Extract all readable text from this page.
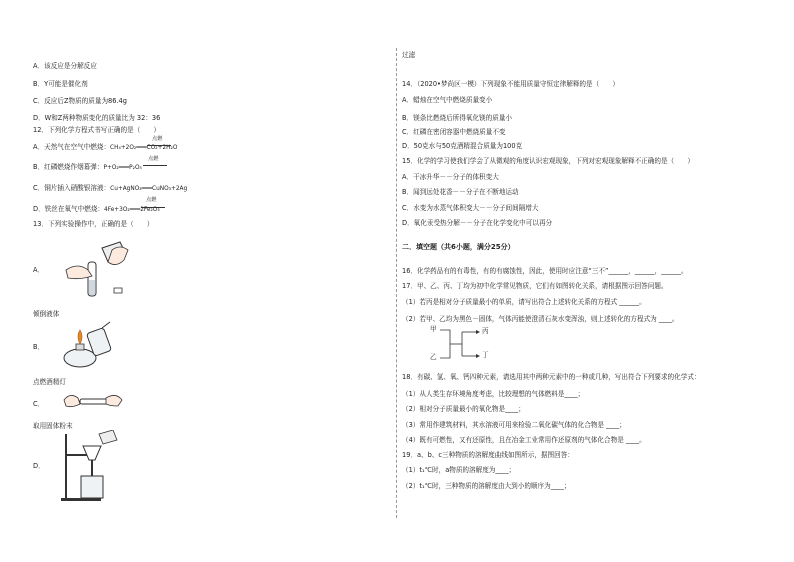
A．该反应是分解反应
B．Y可能是催化剂
C．反应后Z物质的质量为86.4g
D．W和Z两种物质变化的质量比为 32：36
12．下列化学方程式书写正确的是（　　）
A．天然气在空气中燃烧：CH₄+2O₂═══CO₂+2H₂O
点燃
B．红磷燃烧作烟幕弹：P+O₂═══P₂O₅
点燃
C．铜片插入硝酸银溶液：Cu+AgNO₃═══CuNO₃+2Ag
D．铁丝在氧气中燃烧：4Fe+3O₂═══2Fe₂O₃
点燃
13．下列实验操作中，正确的是（　　）
A．
倾倒液体
B．
点燃酒精灯
C．
取用固体粉末
D．
过滤
14．（2020•梦尚区一模）下列现象不能用质量守恒定律解释的是（　　）
A．蜡烛在空气中燃烧质量变小
B．镁条比燃烧后所得氧化镁的质量小
C．红磷在密闭容器中燃烧质量不变
D．50克水与50克酒精混合质量为100克
15．化学的学习使我们学会了从微观的角度认识宏观现象，下列对宏观现象解释不正确的是（　　）
A．干冰升华－－分子的体积变大
B．闻到远处花香－－分子在不断地运动
C．水变为水蒸气体积变大－－分子间间隔增大
D．氧化汞受热分解－－分子在化学变化中可以再分
二．填空题（共6小题，满分25分）
16．化学药品有的有毒性，有的有腐蚀性，因此，使用时应注意“三不”______，______，______。
17．甲、乙、丙、丁均为初中化学常见物质，它们有如图转化关系，请根据图示回答问题。
（1）若丙是相对分子质量最小的单质，请写出符合上述转化关系的方程式 ______。
（2）若甲、乙均为黑色－固体，气体丙能使澄清石灰水变浑浊，则上述转化的方程式为 ____。
甲
乙
丙
丁
18．有碳、氢、氧、钙四种元素，请选用其中两种元素中的一种或几种，写出符合下列要求的化学式：
（1）从人类生存环境角度考虑，比较理想的气体燃料是____；
（2）相对分子质量最小的氧化物是____；
（3）常用作建筑材料，其水溶液可用来检验二氧化碳气体的化合物是 ____；
（4）既有可燃性，又有还原性，且在冶金工业常用作还原剂的气体化合物是 ____。
19．a、b、c三种物质的溶解度曲线如图所示，据图回答：
（1）t₁℃时，a物质的溶解度为____；
（2）t₁℃时，三种物质的溶解度由大到小的顺序为____；
